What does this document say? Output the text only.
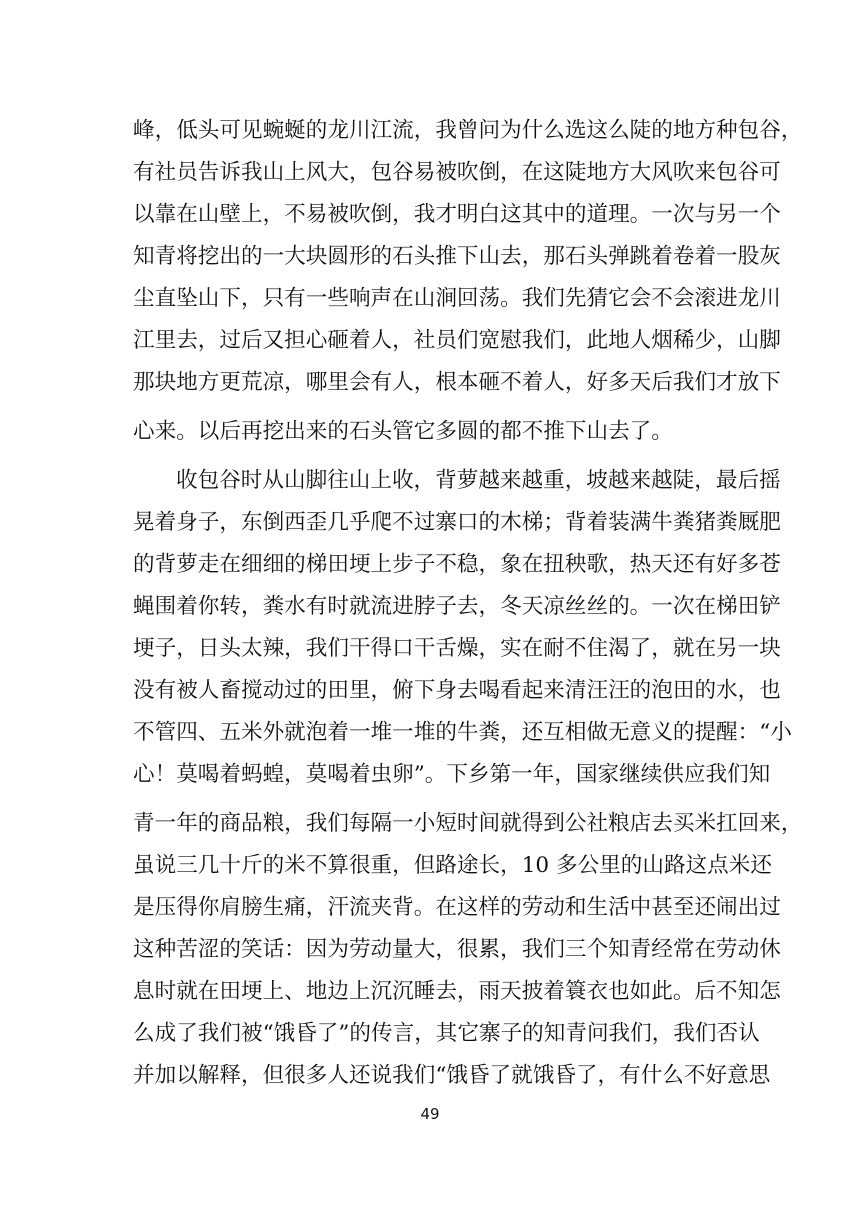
峰，低头可见蜿蜒的龙川江流，我曾问为什么选这么陡的地方种包谷，
有社员告诉我山上风大，包谷易被吹倒，在这陡地方大风吹来包谷可
以靠在山壁上，不易被吹倒，我才明白这其中的道理。一次与另一个
知青将挖出的一大块圆形的石头推下山去，那石头弹跳着卷着一股灰
尘直坠山下，只有一些响声在山涧回荡。我们先猜它会不会滚进龙川
江里去，过后又担心砸着人，社员们宽慰我们，此地人烟稀少，山脚
那块地方更荒凉，哪里会有人，根本砸不着人，好多天后我们才放下
心来。以后再挖出来的石头管它多圆的都不推下山去了。
收包谷时从山脚往山上收，背萝越来越重，坡越来越陡，最后摇
晃着身子，东倒西歪几乎爬不过寨口的木梯；背着装满牛粪猪粪厩肥
的背萝走在细细的梯田埂上步子不稳，象在扭秧歌，热天还有好多苍
蝇围着你转，粪水有时就流进脖子去，冬天凉丝丝的。一次在梯田铲
埂子，日头太辣，我们干得口干舌燥，实在耐不住渴了，就在另一块
没有被人畜搅动过的田里，俯下身去喝看起来清汪汪的泡田的水，也
不管四、五米外就泡着一堆一堆的牛粪，还互相做无意义的提醒：“小
心！莫喝着蚂蝗，莫喝着虫卵”。下乡第一年，国家继续供应我们知
青一年的商品粮，我们每隔一小短时间就得到公社粮店去买米扛回来，
虽说三几十斤的米不算很重，但路途长，10 多公里的山路这点米还
是压得你肩膀生痛，汗流夹背。在这样的劳动和生活中甚至还闹出过
这种苦涩的笑话：因为劳动量大，很累，我们三个知青经常在劳动休
息时就在田埂上、地边上沉沉睡去，雨天披着簑衣也如此。后不知怎
么成了我们被“饿昏了”的传言，其它寨子的知青问我们，我们否认
并加以解释，但很多人还说我们“饿昏了就饿昏了，有什么不好意思
49
